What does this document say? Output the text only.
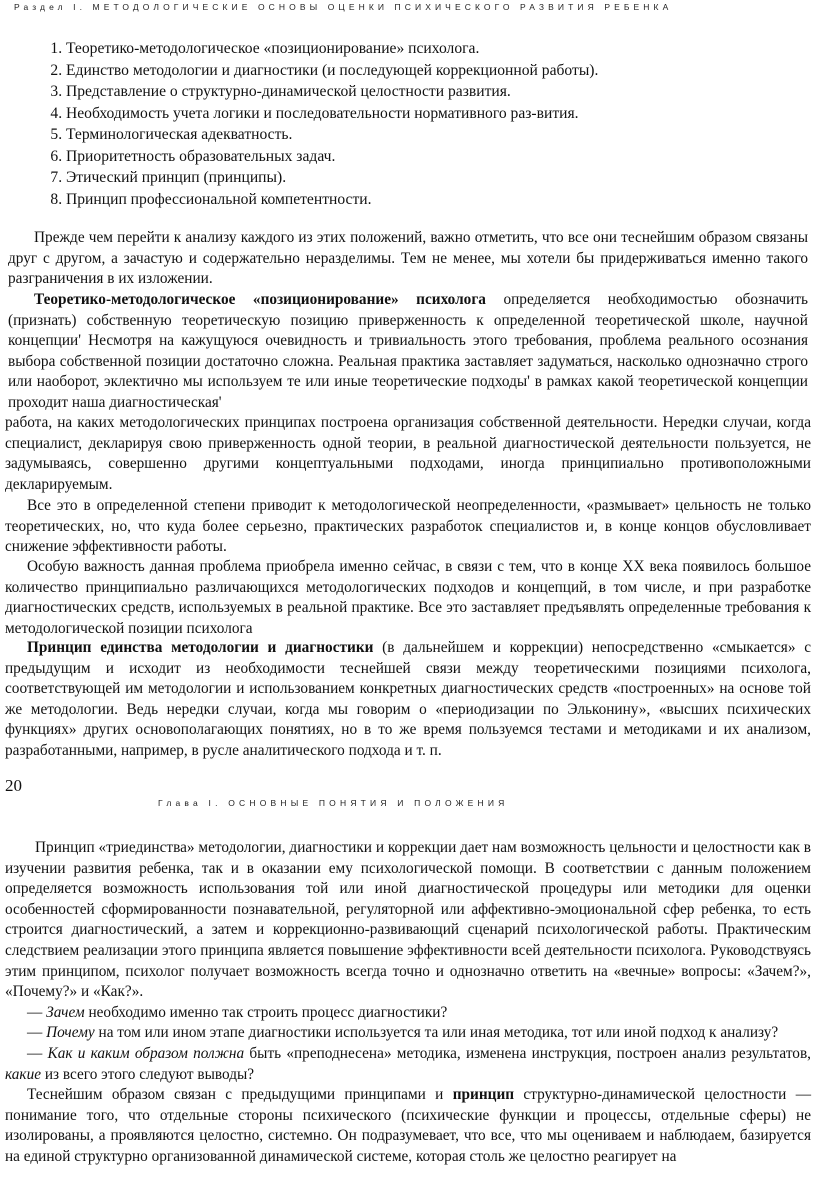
Раздел I. МЕТОДОЛОГИЧЕСКИЕ ОСНОВЫ ОЦЕНКИ ПСИХИЧЕСКОГО РАЗВИТИЯ РЕБЕНКА
1. Теоретико-методологическое «позиционирование» психолога.
2. Единство методологии и диагностики (и последующей коррекционной работы).
3. Представление о структурно-динамической целостности развития.
4. Необходимость учета логики и последовательности нормативного раз-вития.
5. Терминологическая адекватность.
6. Приоритетность образовательных задач.
7. Этический принцип (принципы).
8. Принцип профессиональной компетентности.

Прежде чем перейти к анализу каждого из этих положений, важно отметить, что все они теснейшим образом связаны друг с другом, а зачастую и содержательно неразделимы. Тем не менее, мы хотели бы придерживаться именно такого разграничения в их изложении.

Теоретико-методологическое «позиционирование» психолога определяется необходимостью обозначить (признать) собственную теоретическую позицию приверженность к определенной теоретической школе, научной концепции' Несмотря на кажущуюся очевидность и тривиальность этого требования, проблема реального осознания выбора собственной позиции достаточно сложна. Реальная практика заставляет задуматься, насколько однозначно строго или наоборот, эклектично мы используем те или иные теоретические подходы' в рамках какой теоретической концепции проходит наша диагностическая'

работа, на каких методологических принципах построена организация собственной деятельности. Нередки случаи, когда специалист, декларируя свою приверженность одной теории, в реальной диагностической деятельности пользуется, не задумываясь, совершенно другими концептуальными подходами, иногда принципиально противоположными декларируемым.

Все это в определенной степени приводит к методологической неопределенности, «размывает» цельность не только теоретических, но, что куда более серьезно, практических разработок специалистов и, в конце концов обусловливает снижение эффективности работы.

Особую важность данная проблема приобрела именно сейчас, в связи с тем, что в конце XX века появилось большое количество принципиально различающихся методологических подходов и концепций, в том числе, и при разработке диагностических средств, используемых в реальной практике. Все это заставляет предъявлять определенные требования к методологической позиции психолога

Принцип единства методологии и диагностики (в дальнейшем и коррекции) непосредственно «смыкается» с предыдущим и исходит из необходимости теснейшей связи между теоретическими позициями психолога, соответствующей им методологии и использованием конкретных диагностических средств «построенных» на основе той же методологии. Ведь нередки случаи, когда мы говорим о «периодизации по Эльконину», «высших психических функциях» других основополагающих понятиях, но в то же время пользуемся тестами и методиками и их анализом, разработанными, например, в русле аналитического подхода и т. п.

20
Глава I. ОСНОВНЫЕ ПОНЯТИЯ И ПОЛОЖЕНИЯ

Принцип «триединства» методологии, диагностики и коррекции дает нам возможность цельности и целостности как в изучении развития ребенка, так и в оказании ему психологической помощи. В соответствии с данным положением определяется возможность использования той или иной диагностической процедуры или методики для оценки особенностей сформированности познавательной, регуляторной или аффективно-эмоциональной сфер ребенка, то есть строится диагностический, а затем и коррекционно-развивающий сценарий психологической работы. Практическим следствием реализации этого принципа является повышение эффективности всей деятельности психолога. Руководствуясь этим принципом, психолог получает возможность всегда точно и однозначно ответить на «вечные» вопросы: «Зачем?», «Почему?» и «Как?».

— Зачем необходимо именно так строить процесс диагностики?

— Почему на том или ином этапе диагностики используется та или иная методика, тот или иной подход к анализу?

— Как и каким образом полжна быть «преподнесена» методика, изменена инструкция, построен анализ результатов, какие из всего этого следуют выводы?

Теснейшим образом связан с предыдущими принципами и принцип структурно-динамической целостности — понимание того, что отдельные стороны психического (психические функции и процессы, отдельные сферы) не изолированы, а проявляются целостно, системно. Он подразумевает, что все, что мы оцениваем и наблюдаем, базируется на единой структурно организованной динамической системе, которая столь же целостно реагирует на
